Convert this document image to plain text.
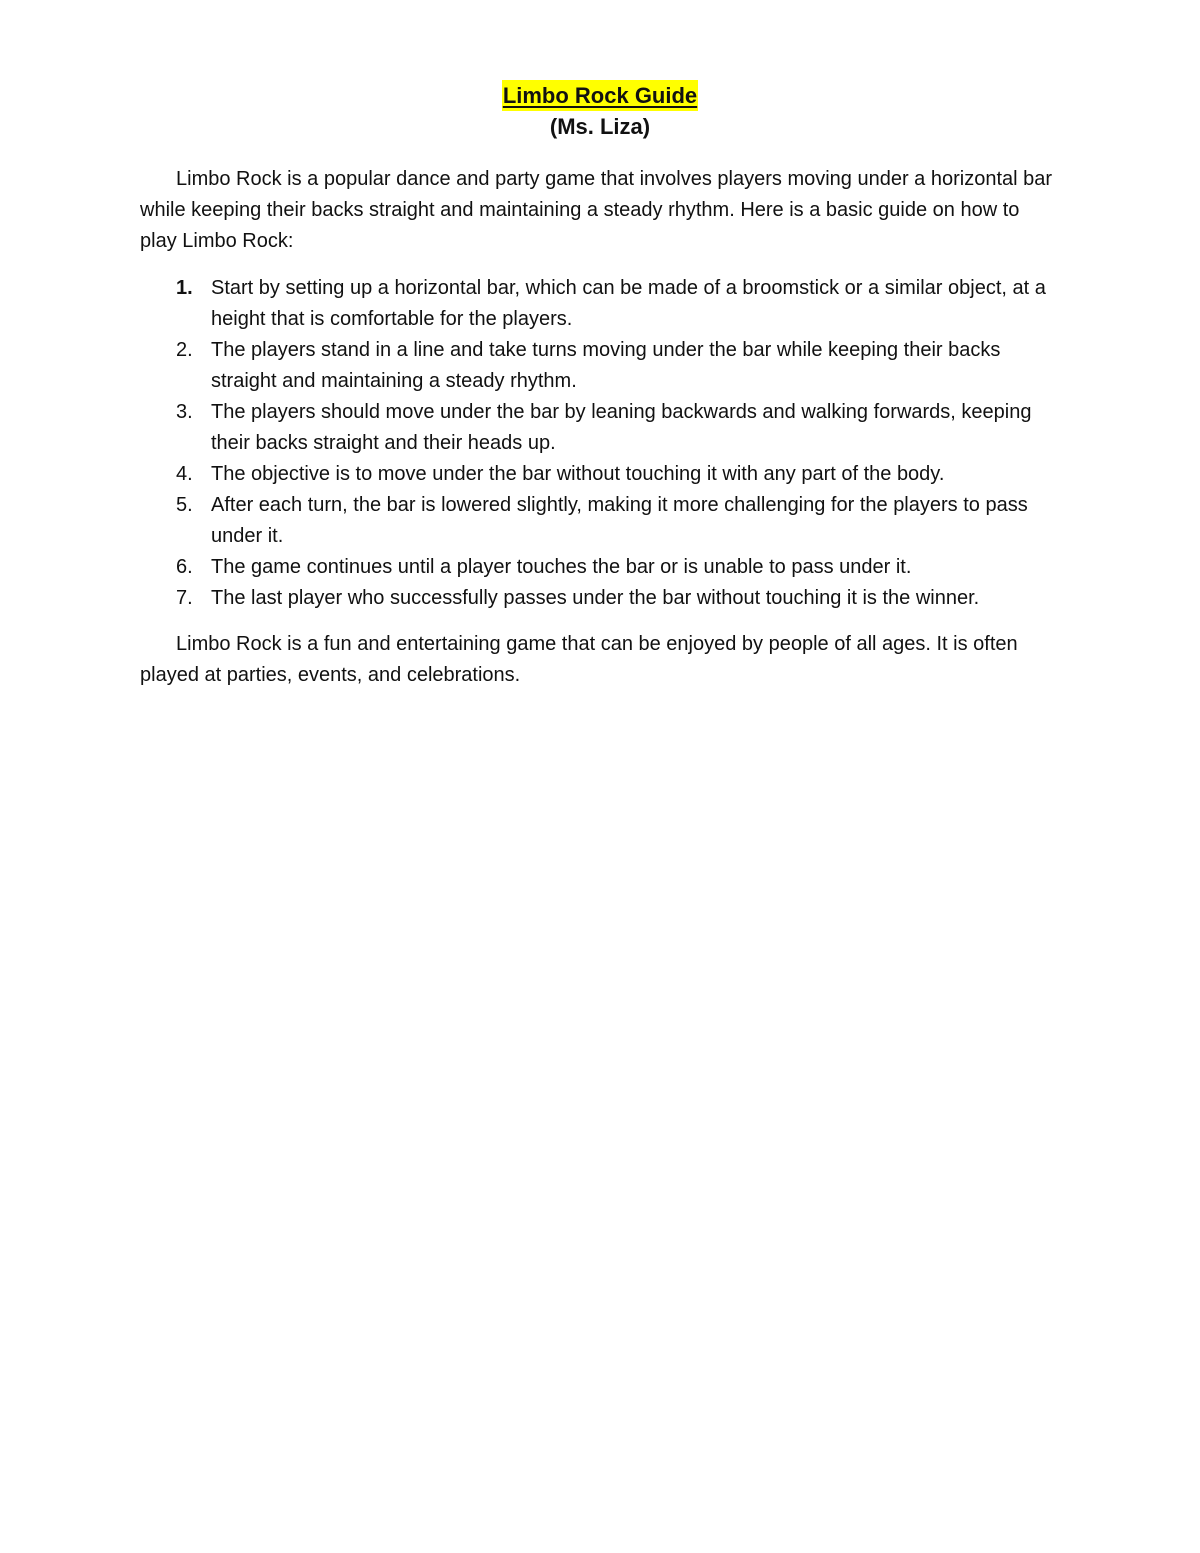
Limbo Rock Guide
(Ms. Liza)

Limbo Rock is a popular dance and party game that involves players moving under a horizontal bar while keeping their backs straight and maintaining a steady rhythm. Here is a basic guide on how to play Limbo Rock:

1. Start by setting up a horizontal bar, which can be made of a broomstick or a similar object, at a height that is comfortable for the players.
2. The players stand in a line and take turns moving under the bar while keeping their backs straight and maintaining a steady rhythm.
3. The players should move under the bar by leaning backwards and walking forwards, keeping their backs straight and their heads up.
4. The objective is to move under the bar without touching it with any part of the body.
5. After each turn, the bar is lowered slightly, making it more challenging for the players to pass under it.
6. The game continues until a player touches the bar or is unable to pass under it.
7. The last player who successfully passes under the bar without touching it is the winner.

Limbo Rock is a fun and entertaining game that can be enjoyed by people of all ages. It is often played at parties, events, and celebrations.
